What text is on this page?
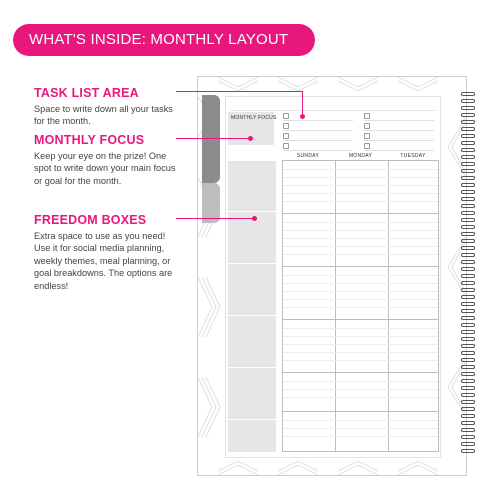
WHAT'S INSIDE: MONTHLY LAYOUT
TASK LIST AREA
Space to write down all your tasks for the month.
MONTHLY FOCUS
Keep your eye on the prize! One spot to write down your main focus or goal for the month.
FREEDOM BOXES
Extra space to use as you need! Use it for social media planning, weekly themes, meal planning, or goal breakdowns. The options are endless!
MONTHLY FOCUS
SUNDAY	MONDAY	TUESDAY
